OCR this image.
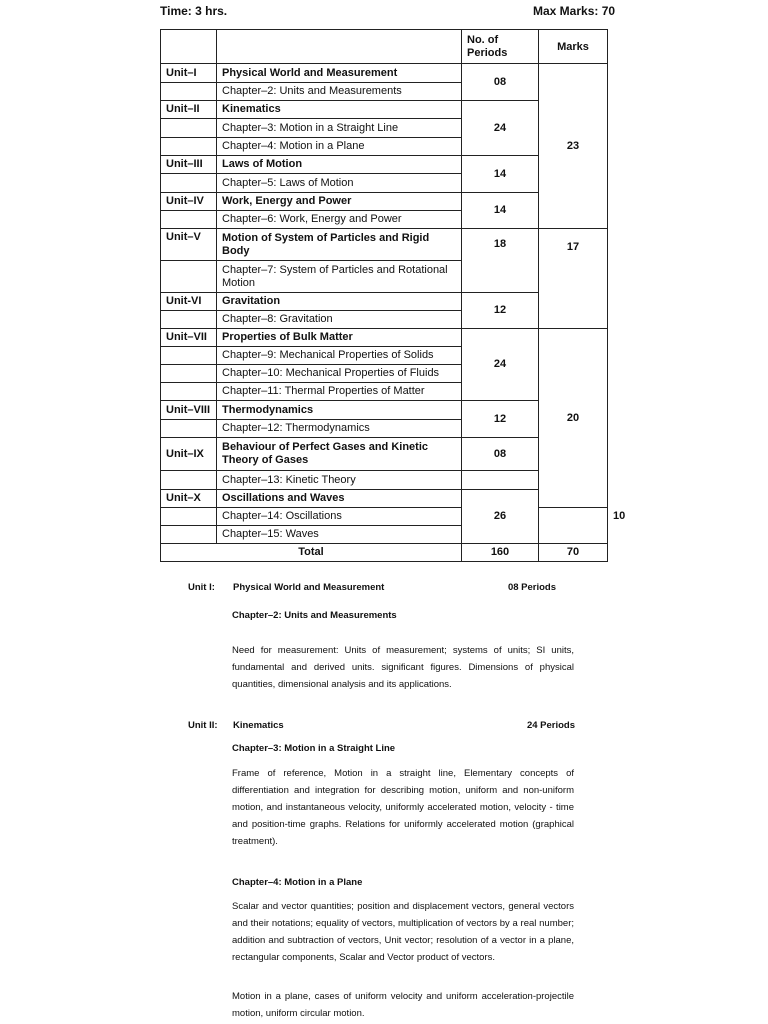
Time: 3 hrs.	Max Marks: 70
		No. of Periods	Marks	
Unit–I	Physical World and Measurement	08	23	
	Chapter–2: Units and Measurements			
Unit–II	Kinematics	24		
	Chapter–3: Motion in a Straight Line			
	Chapter–4: Motion in a Plane			
Unit–III	Laws of Motion	14		
	Chapter–5: Laws of Motion			
Unit–IV	Work, Energy and Power	14		
	Chapter–6: Work, Energy and Power			
Unit–V	Motion of System of Particles and Rigid Body	18	17	
	Chapter–7: System of Particles and Rotational Motion			
Unit-VI	Gravitation	12		
	Chapter–8: Gravitation			
Unit–VII	Properties of Bulk Matter	24	20	
	Chapter–9: Mechanical Properties of Solids			
	Chapter–10: Mechanical Properties of Fluids			
	Chapter–11: Thermal Properties of Matter			
Unit–VIII	Thermodynamics	12		
	Chapter–12: Thermodynamics			
Unit–IX	Behaviour of Perfect Gases and Kinetic Theory of Gases	08		
	Chapter–13: Kinetic Theory			
Unit–X	Oscillations and Waves	26		10
	Chapter–14: Oscillations			
	Chapter–15: Waves			
Total		160	70	
Unit I: Physical World and Measurement	08 Periods
Chapter–2: Units and Measurements
Need for measurement: Units of measurement; systems of units; SI units, fundamental and derived units. significant figures. Dimensions of physical quantities, dimensional analysis and its applications.
Unit II: Kinematics	24 Periods
Chapter–3: Motion in a Straight Line
Frame of reference, Motion in a straight line, Elementary concepts of differentiation and integration for describing motion, uniform and non-uniform motion, and instantaneous velocity, uniformly accelerated motion, velocity - time and position-time graphs. Relations for uniformly accelerated motion (graphical treatment).
Chapter–4: Motion in a Plane
Scalar and vector quantities; position and displacement vectors, general vectors and their notations; equality of vectors, multiplication of vectors by a real number; addition and subtraction of vectors, Unit vector; resolution of a vector in a plane, rectangular components, Scalar and Vector product of vectors.
Motion in a plane, cases of uniform velocity and uniform acceleration-projectile motion, uniform circular motion.
